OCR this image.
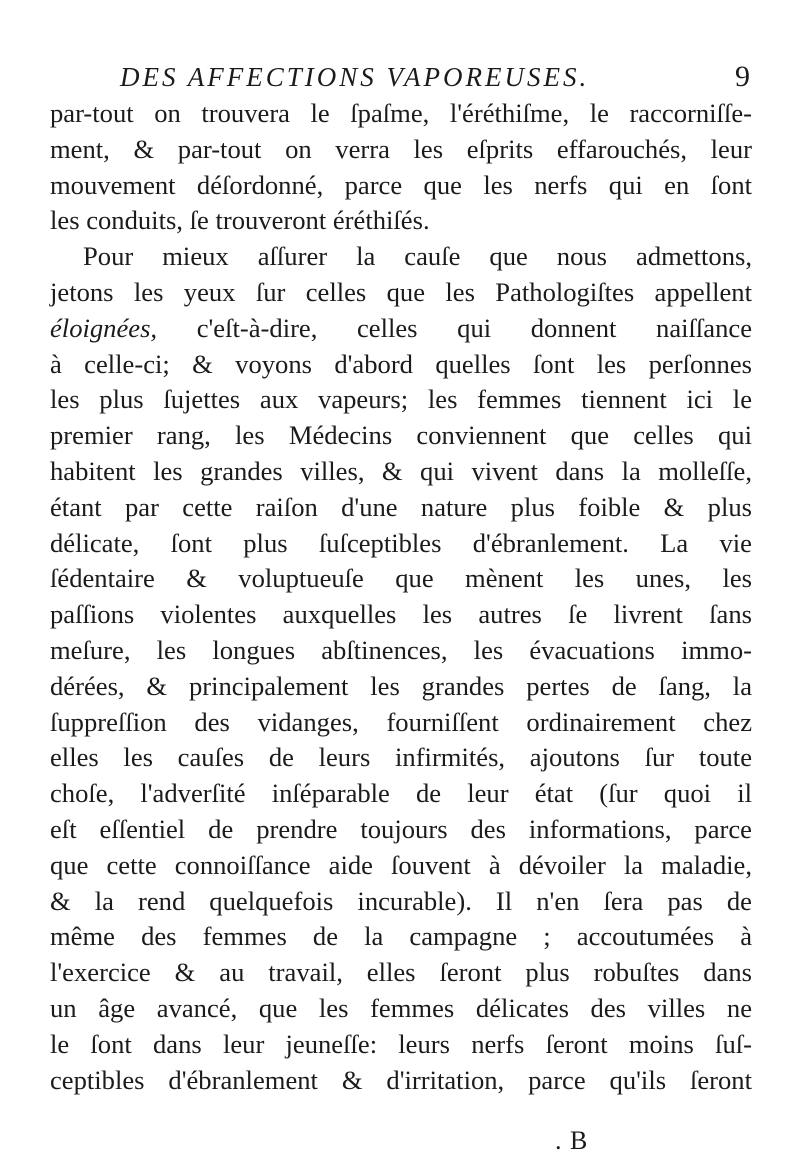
DES AFFECTIONS VAPOREUSES.	9
par-tout on trouvera le ſpaſme, l'éréthiſme, le raccorniſſe-
ment, & par-tout on verra les eſprits effarouchés, leur
mouvement déſordonné, parce que les nerfs qui en ſont
les conduits, ſe trouveront éréthiſés.
Pour mieux aſſurer la cauſe que nous admettons,
jetons les yeux ſur celles que les Pathologiſtes appellent
éloignées, c'eſt-à-dire, celles qui donnent naiſſance
à celle-ci; & voyons d'abord quelles ſont les perſonnes
les plus ſujettes aux vapeurs; les femmes tiennent ici le
premier rang, les Médecins conviennent que celles qui
habitent les grandes villes, & qui vivent dans la molleſſe,
étant par cette raiſon d'une nature plus foible & plus
délicate, ſont plus ſuſceptibles d'ébranlement. La vie
ſédentaire & voluptueuſe que mènent les unes, les
paſſions violentes auxquelles les autres ſe livrent ſans
meſure, les longues abſtinences, les évacuations immo-
dérées, & principalement les grandes pertes de ſang, la
ſuppreſſion des vidanges, fourniſſent ordinairement chez
elles les cauſes de leurs infirmités, ajoutons ſur toute
choſe, l'adverſité inſéparable de leur état (ſur quoi il
eſt eſſentiel de prendre toujours des informations, parce
que cette connoiſſance aide ſouvent à dévoiler la maladie,
& la rend quelquefois incurable). Il n'en ſera pas de
même des femmes de la campagne ; accoutumées à
l'exercice & au travail, elles ſeront plus robuſtes dans
un âge avancé, que les femmes délicates des villes ne
le ſont dans leur jeuneſſe: leurs nerfs ſeront moins ſuſ-
ceptibles d'ébranlement & d'irritation, parce qu'ils ſeront
. B
